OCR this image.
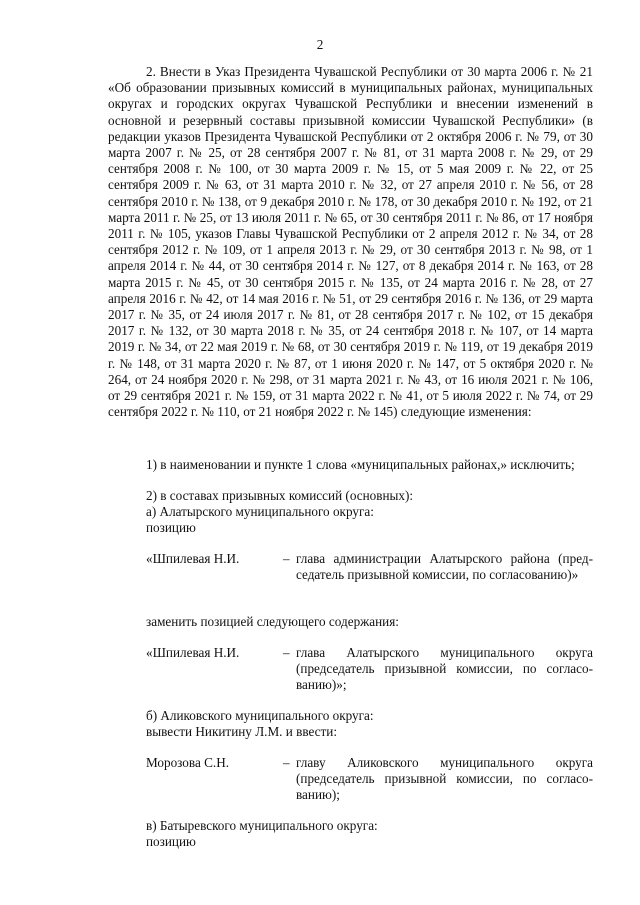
2

2. Внести в Указ Президента Чувашской Республики от 30 марта 2006 г. № 21 «Об образовании призывных комиссий в муниципальных районах, муниципальных округах и городских округах Чувашской Республики и внесении изменений в основной и резервный составы призывной комиссии Чувашской Республики» (в редакции указов Президента Чувашской Республики от 2 октября 2006 г. № 79, от 30 марта 2007 г. № 25, от 28 сентября 2007 г. № 81, от 31 марта 2008 г. № 29, от 29 сентября 2008 г. № 100, от 30 марта 2009 г. № 15, от 5 мая 2009 г. № 22, от 25 сентября 2009 г. № 63, от 31 марта 2010 г. № 32, от 27 апреля 2010 г. № 56, от 28 сентября 2010 г. № 138, от 9 декабря 2010 г. № 178, от 30 декабря 2010 г. № 192, от 21 марта 2011 г. № 25, от 13 июля 2011 г. № 65, от 30 сентября 2011 г. № 86, от 17 ноября 2011 г. № 105, указов Главы Чувашской Республики от 2 апреля 2012 г. № 34, от 28 сентября 2012 г. № 109, от 1 апреля 2013 г. № 29, от 30 сентября 2013 г. № 98, от 1 апреля 2014 г. № 44, от 30 сентября 2014 г. № 127, от 8 декабря 2014 г. № 163, от 28 марта 2015 г. № 45, от 30 сентября 2015 г. № 135, от 24 марта 2016 г. № 28, от 27 апреля 2016 г. № 42, от 14 мая 2016 г. № 51, от 29 сентября 2016 г. № 136, от 29 марта 2017 г. № 35, от 24 июля 2017 г. № 81, от 28 сентября 2017 г. № 102, от 15 декабря 2017 г. № 132, от 30 марта 2018 г. № 35, от 24 сентября 2018 г. № 107, от 14 марта 2019 г. № 34, от 22 мая 2019 г. № 68, от 30 сентября 2019 г. № 119, от 19 декабря 2019 г. № 148, от 31 марта 2020 г. № 87, от 1 июня 2020 г. № 147, от 5 октября 2020 г. № 264, от 24 ноября 2020 г. № 298, от 31 марта 2021 г. № 43, от 16 июля 2021 г. № 106, от 29 сентября 2021 г. № 159, от 31 марта 2022 г. № 41, от 5 июля 2022 г. № 74, от 29 сентября 2022 г. № 110, от 21 ноября 2022 г. № 145) следующие изменения:

1) в наименовании и пункте 1 слова «муниципальных районах,» исключить;

2) в составах призывных комиссий (основных):

а) Алатырского муниципального округа:

позицию

«Шпилевая Н.И.	– глава администрации Алатырского района (председатель призывной комиссии, по согласованию)»

заменить позицией следующего содержания:

«Шпилевая Н.И.	– глава Алатырского муниципального округа (председатель призывной комиссии, по согласованию)»;

б) Аликовского муниципального округа:

вывести Никитину Л.М. и ввести:

Морозова С.Н.	– главу Аликовского муниципального округа (председатель призывной комиссии, по согласованию);

в) Батыревского муниципального округа:

позицию
